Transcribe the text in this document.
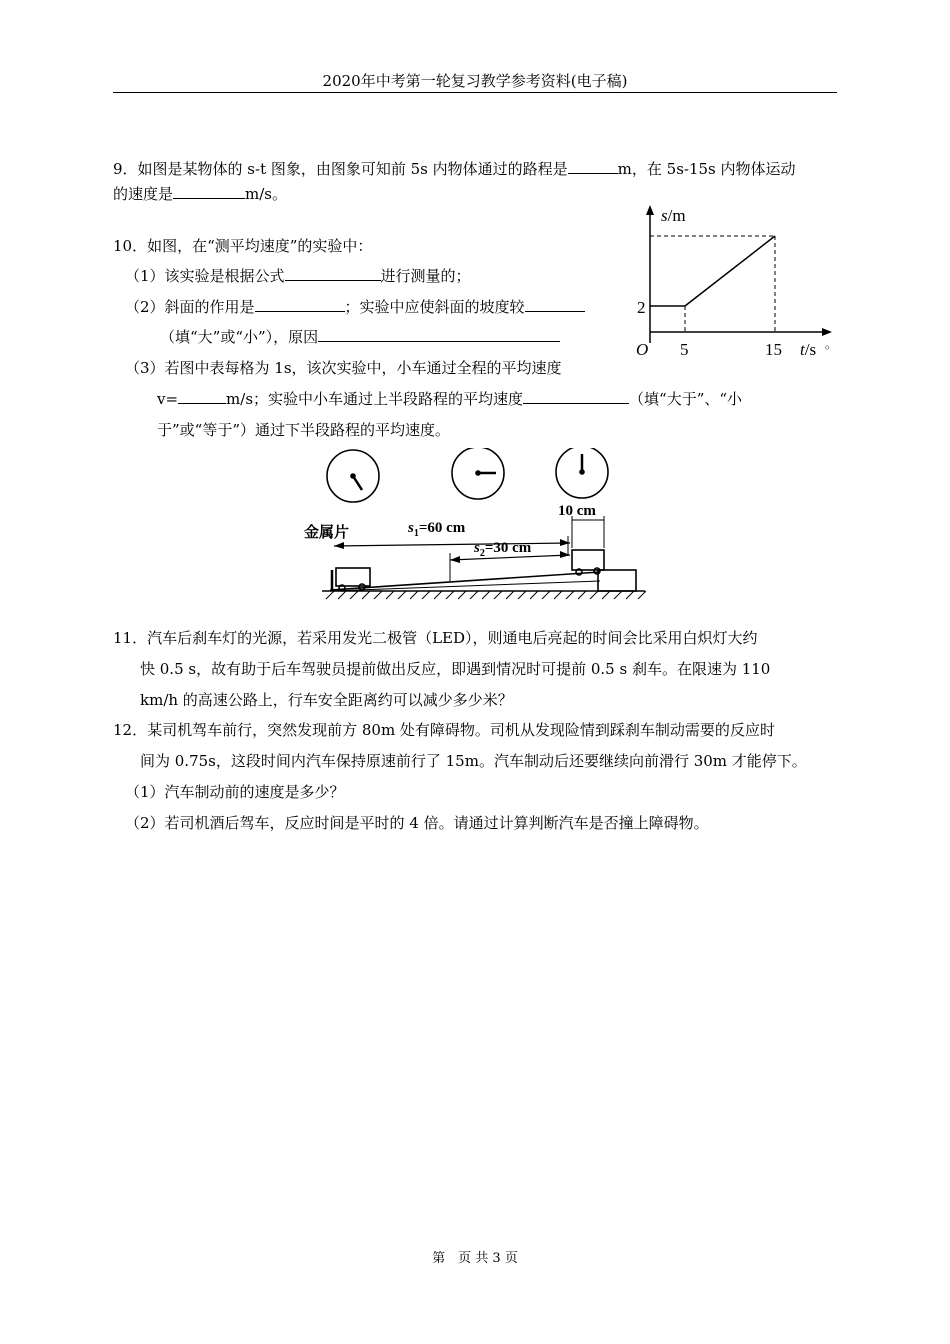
2020年中考第一轮复习教学参考资料(电子稿)
9．如图是某物体的 s-t 图象，由图象可知前 5s 内物体通过的路程是	m，在 5s-15s 内物体运动
的速度是	m/s。
s/m
2
O 5	15 t/s 。
10．如图，在“测平均速度”的实验中：
（1）该实验是根据公式	进行测量的；
（2）斜面的作用是	；实验中应使斜面的坡度较
（填“大”或“小”），原因
（3）若图中表每格为 1s，该次实验中，小车通过全程的平均速度
v=	m/s；实验中小车通过上半段路程的平均速度	（填“大于”、“小
于”或“等于”）通过下半段路程的平均速度。
金属片	$s_1=60$ cm
$s_2=30$ cm
10 cm
11．汽车后刹车灯的光源，若采用发光二极管（LED），则通电后亮起的时间会比采用白炽灯大约
快 0.5 s，故有助于后车驾驶员提前做出反应，即遇到情况时可提前 0.5 s 刹车。在限速为 110
km/h 的高速公路上，行车安全距离约可以减少多少米？
12．某司机驾车前行，突然发现前方 80m 处有障碍物。司机从发现险情到踩刹车制动需要的反应时
间为 0.75s，这段时间内汽车保持原速前行了 15m。汽车制动后还要继续向前滑行 30m 才能停下。
（1）汽车制动前的速度是多少？
（2）若司机酒后驾车，反应时间是平时的 4 倍。请通过计算判断汽车是否撞上障碍物。
第　页 共 3 页
